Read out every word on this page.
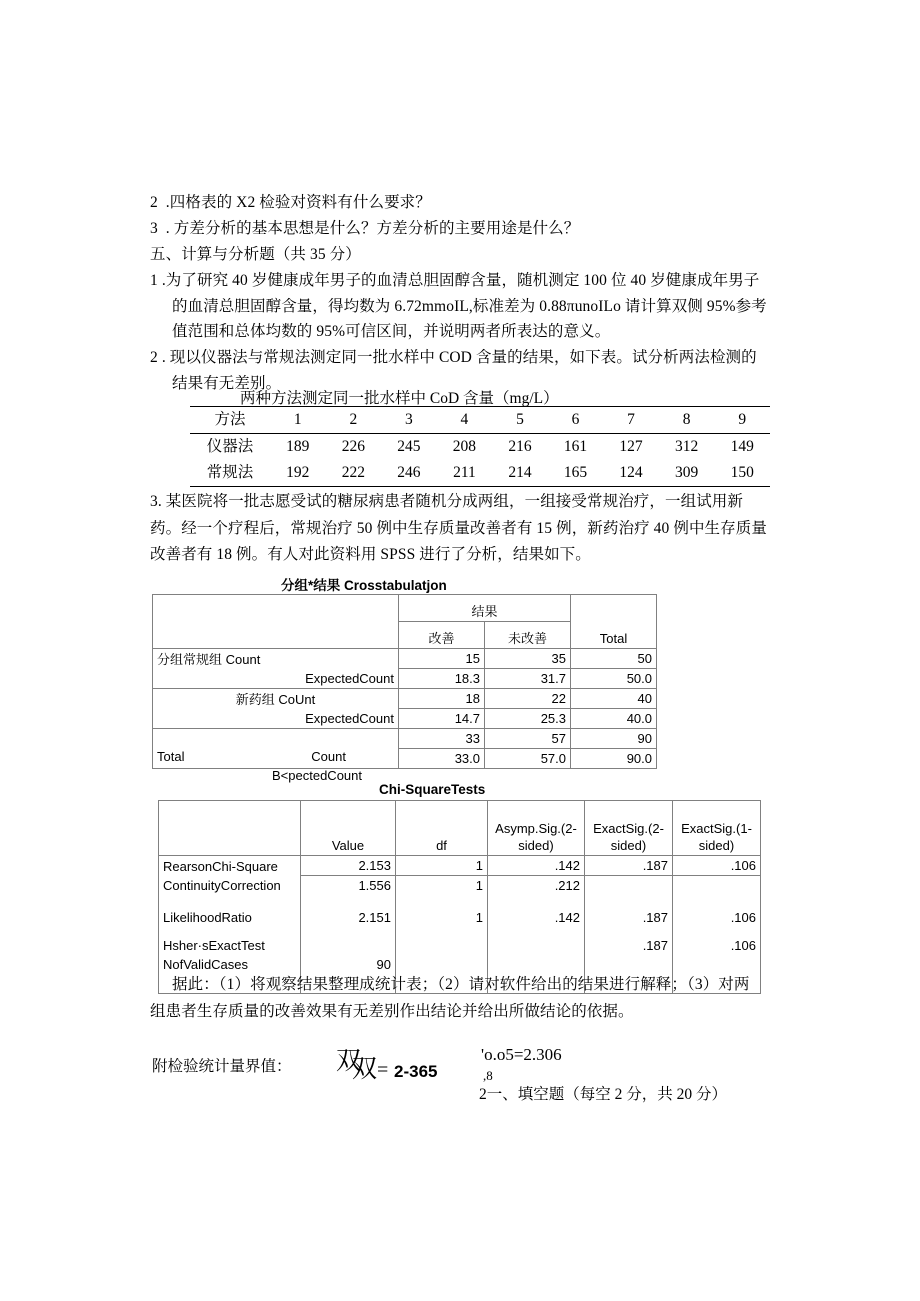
2  .四格表的 X2 检验对资料有什么要求？
3  . 方差分析的基本思想是什么？方差分析的主要用途是什么？
五、计算与分析题（共 35 分）
1 .为了研究 40 岁健康成年男子的血清总胆固醇含量，随机测定 100 位 40 岁健康成年男子
的血清总胆固醇含量，得均数为 6.72mmoIL,标准差为 0.88πunoILo 请计算双侧 95%参考
值范围和总体均数的 95%可信区间，并说明两者所表达的意义。
2 . 现以仪器法与常规法测定同一批水样中 COD 含量的结果，如下表。试分析两法检测的
结果有无差别。
两种方法测定同一批水样中 CoD 含量（mg/L）
方法	1	2	3	4	5	6	7	8	9
仪器法	189	226	245	208	216	161	127	312	149
常规法	192	222	246	211	214	165	124	309	150
3. 某医院将一批志愿受试的糖尿病患者随机分成两组，一组接受常规治疗，一组试用新
药。经一个疗程后，常规治疗 50 例中生存质量改善者有 15 例，新药治疗 40 例中生存质量
改善者有 18 例。有人对此资料用 SPSS 进行了分析，结果如下。
分组*结果 Crosstabulatjon
	结果		Total
	改善	未改善	
分组常规组 Count	15	35	50
ExpectedCount	18.3	31.7	50.0
新药组 CoUnt	18	22	40
ExpectedCount	14.7	25.3	40.0

Total Count	33	57	90

B<pectedCount	33.0	57.0	90.0
Chi-SquareTests
	Value	df	Asymp.Sig.(2-sided)	ExactSig.(2-sided)	ExactSig.(1-sided)
RearsonChi-Square	2.153	1	.142	.187	.106
ContinuityCorrection	1.556	1	.212		
LikelihoodRatio	2.151	1	.142	.187	.106
Hsher·sExactTest				.187	.106
NofValidCases	90				
据此：（1）将观察结果整理成统计表；（2）请对软件给出的结果进行解释；（3）对两
组患者生存质量的改善效果有无差别作出结论并给出所做结论的依据。
附检验统计量界值： 双
双 = 2-365
'o.o5=2.306
,8
2一、填空题（每空 2 分，共 20 分）
